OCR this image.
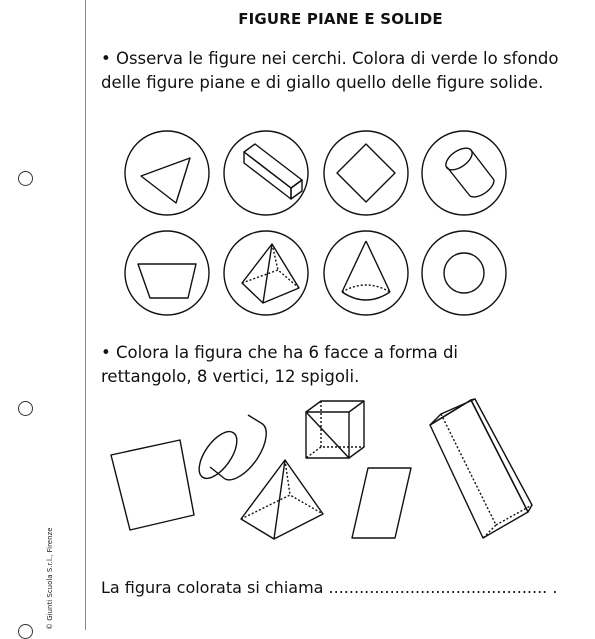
© Giunti Scuola S.r.l., Firenze
FIGURE PIANE E SOLIDE
• Osserva le figure nei cerchi. Colora di verde lo sfondo delle figure piane e di giallo quello delle figure solide.
• Colora la figura che ha 6 facce a forma di rettangolo, 8 vertici, 12 spigoli.
La figura colorata si chiama ........................................... .
